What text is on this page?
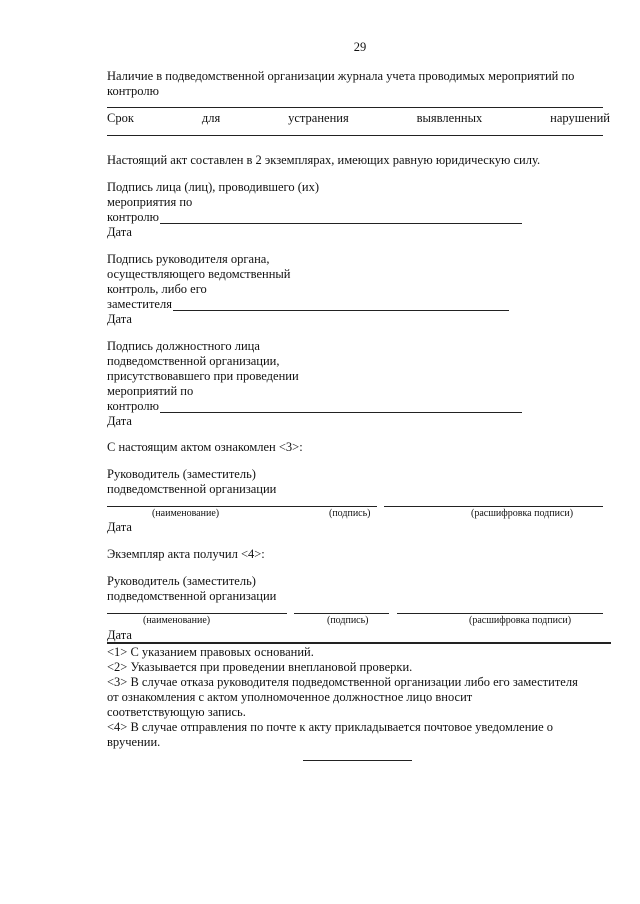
29
Наличие в подведомственной организации журнала учета проводимых мероприятий по
контролю
Срок	для	устранения	выявленных	нарушений
Настоящий акт составлен в 2 экземплярах, имеющих равную юридическую силу.
Подпись лица (лиц), проводившего (их)
мероприятия по
контролю
Дата
Подпись руководителя органа,
осуществляющего ведомственный
контроль, либо его
заместителя
Дата
Подпись должностного лица
подведомственной организации,
присутствовавшего при проведении
мероприятий по
контролю
Дата
С настоящим актом ознакомлен <3>:
Руководитель (заместитель)
подведомственной организации
(наименование)	(подпись)	(расшифровка подписи)
Дата
Экземпляр акта получил <4>:
Руководитель (заместитель)
подведомственной организации
(наименование)	(подпись)	(расшифровка подписи)
Дата
<1> С указанием правовых оснований.
<2> Указывается при проведении внеплановой проверки.
<3> В случае отказа руководителя подведомственной организации либо его заместителя
от ознакомления с актом уполномоченное должностное лицо вносит
соответствующую запись.
<4> В случае отправления по почте к акту прикладывается почтовое уведомление о
вручении.
